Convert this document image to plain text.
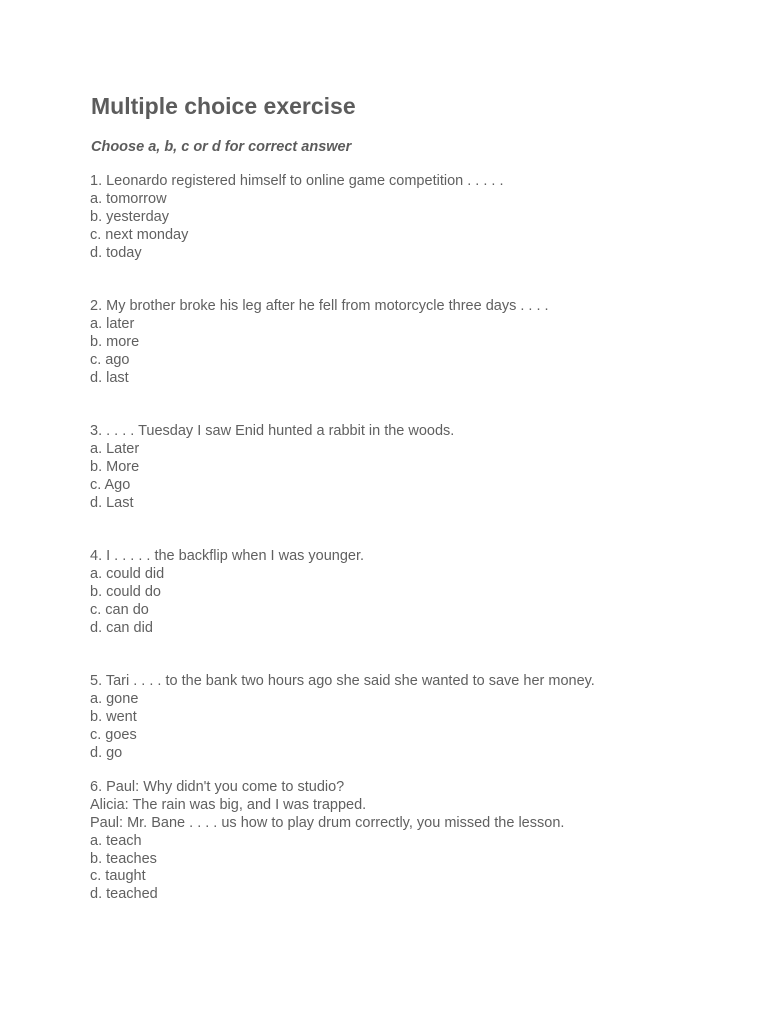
Multiple choice exercise

Choose a, b, c or d for correct answer

1. Leonardo registered himself to online game competition . . . . .
a. tomorrow
b. yesterday
c. next monday
d. today
2. My brother broke his leg after he fell from motorcycle three days . . . .
a. later
b. more
c. ago
d. last
3. . . . . Tuesday I saw Enid hunted a rabbit in the woods.
a. Later
b. More
c. Ago
d. Last
4. I . . . . . the backflip when I was younger.
a. could did
b. could do
c. can do
d. can did
5. Tari . . . . to the bank two hours ago she said she wanted to save her money.
a. gone
b. went
c. goes
d. go
6. Paul: Why didn't you come to studio?
Alicia: The rain was big, and I was trapped.
Paul: Mr. Bane . . . . us how to play drum correctly, you missed the lesson.
a. teach
b. teaches
c. taught
d. teached
